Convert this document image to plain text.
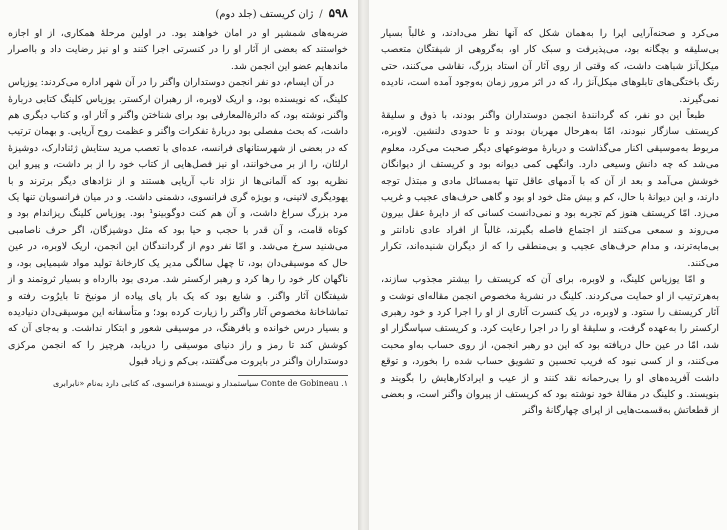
۵۹۸
/
ژان کریستف (جلد دوم)

ضربه‌های شمشیر او در امان خواهند بود. در اولین مرحلهٔ همکاری، از او اجازه خواستند که بعضی از آثار او را در کنسرتی اجرا کنند و او نیز رضایت داد و بااصرار ماندهایم عضو این انجمن شد.

در آن ایسام، دو نفر انجمن دوستداران واگنر را در آن شهر اداره می‌کردند: یوزیاس کلینگ، که نویسنده بود، و اریک لاوبره، از رهبران ارکستر. یوزیاس کلینگ کتابی دربارهٔ واگنر نوشته بود، که دائرةالمعارفی بود برای شناختن واگنر و آثار او، و کتاب دیگری هم داشت، که بحث مفصلی بود دربارهٔ تفکرات واگنر و عظمت روح آریایی. و بهمان ترتیب که در بعضی از شهرستانهای فرانسه، عده‌ای با تعصب مرید ستایش ژئنادارک، دوشیزهٔ ارلئان، را از بر می‌خوانند، او نیز فصل‌هایی از کتاب خود را از بر داشت، و پیرو این نظریه بود که آلمانی‌ها از نژاد ناب آریایی هستند و از نژادهای دیگر برترند و با یهودیگری لاتینی، و بویژه گری فرانسوی، دشمنی داشت. و در میان فرانسویان تنها یک مرد بزرگ سراغ داشت، و آن هم کنت دوگوبینو¹ بود. یوزیاس کلینگ ریزاندام بود و کوتاه قامت، و آن قدر با حجب و حیا بود که مثل دوشیزگان، اگر حرف ناصامبی می‌شنید سرخ می‌شد. و امّا نفر دوم از گردانندگان این انجمن، اریک لاوبره، در عین حال که موسیقی‌دان بود، تا چهل سالگی مدیر یک کارخانهٔ تولید مواد شیمیایی بود، و ناگهان کار خود را رها کرد و رهبر ارکستر شد. مردی بود باارداه و بسیار ثروتمند و از شیفتگان آثار واگنر. و شایع بود که یک بار پای پیاده از مونیخ تا بایرُوت رفته و تماشاخانهٔ مخصوص آثار واگنر را زیارت کرده بود؛ و متأسفانه این موسیقی‌دان دنیادیده و بسیار درس خوانده و بافرهنگ، در موسیقی شعور و ابتکار نداشت. و به‌جای آن که کوشش کند تا رمز و راز دنیای موسیقی را دریابد، هرچیز را که انجمن مرکزی دوستداران واگنر در بایروت می‌گفتند، بی‌کم و زیاد قبول

۱. Conte de Gobineau سیاستمدار و نویسندهٔ فرانسوی، که کتابی دارد به‌نام «نابرابری

می‌کرد و صحنه‌آرایی اپرا را به‌همان شکل که آنها نظر می‌دادند، و غالباً بسیار بی‌سلیقه و بچگانه بود، می‌پذیرفت و سبک کار او، به‌گروهی از شیفتگان متعصب میکل‌آنژ شباهت داشت، که وقتی از روی آثار آن استاد بزرگ، نقاشی می‌کنند، حتی رنگ باختگی‌های تابلوهای میکل‌آنژ را، که در اثر مرور زمان به‌وجود آمده است، نادیده نمی‌گیرند.

طبعاً این دو نفر، که گردانندهٔ انجمن دوستداران واگنر بودند، با ذوق و سلیقهٔ کریستف سازگار نبودند، امّا به‌هرحال مهربان بودند و تا حدودی دلنشین. لاوبره، مربوط به‌موسیقی اکنار می‌گذاشت و دربارهٔ موضوعهای دیگر صحبت می‌کرد، معلوم می‌شد که چه دانش وسیعی دارد. وانگهی کمی دیوانه بود و کریستف از دیوانگان خوشش می‌آمد و بعد از آن که با آدمهای عاقل تنها به‌مسائل مادی و مبتذل توجه دارند، و این دیوانهٔ با حال، کم و بیش مثل خود او بود و گاهی حرف‌های عجیب و غریب می‌زد. امّا کریستف هنوز کم تجربه بود و نمی‌دانست کسانی که از دایرهٔ عقل بیرون می‌روند و سمعی می‌کنند از اجتماع فاصله بگیرند، غالباً از افراد عادی نادانتر و بی‌مایه‌ترند، و مدام حرف‌های عجیب و بی‌منطقی را که از دیگران شنیده‌اند، تکرار می‌کنند.

و امّا یوزیاس کلینگ، و لاوبره، برای آن که کریستف را بیشتر مجذوب سازند، به‌هرترتیب از او حمایت می‌کردند. کلینگ در نشریهٔ مخصوص انجمن مقاله‌ای نوشت و آثار کریستف را ستود. و لاوبره، در یک کنسرت آثاری از او را اجرا کرد و خود رهبری ارکستر را به‌عهده گرفت، و سلیقهٔ او را در اجرا رعایت کرد. و کریستف سپاسگزار او شد، امّا در عین حال دریافته بود که این دو رهبر انجمن، از روی حساب به‌او محبت می‌کنند، و از کسی نبود که فریب تحسین و تشویق حساب شده را بخورد، و توقع داشت آفریده‌های او را بی‌رحمانه نقد کنند و از عیب و ایرادکارهایش را بگویند و بنویسند. و کلینگ در مقالهٔ خود نوشته بود که کریستف از پیروان واگنر است، و بعضی از قطعاتش به‌قسمت‌هایی از اپرای چهارگانهٔ واگنر
